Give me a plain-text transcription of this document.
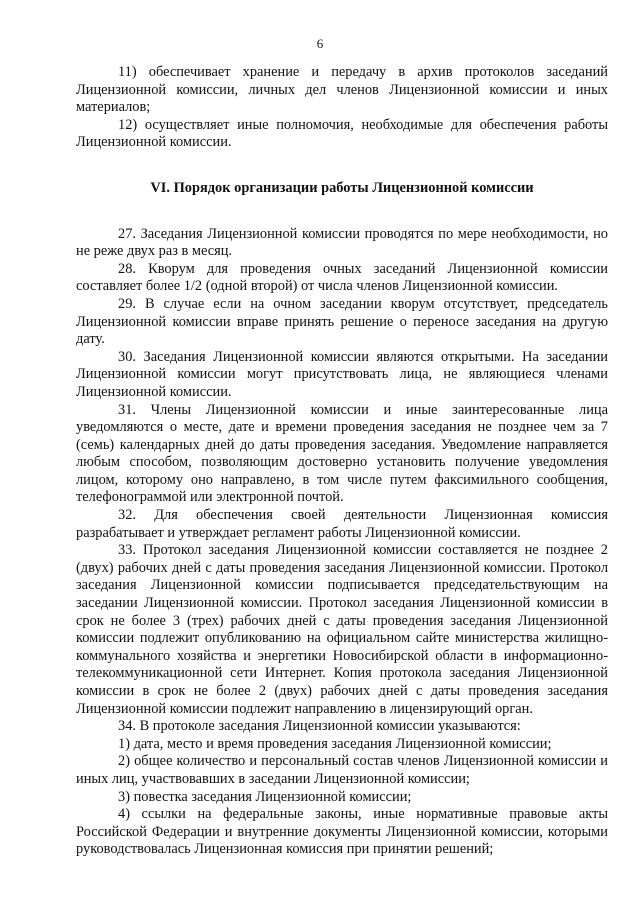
6

11) обеспечивает хранение и передачу в архив протоколов заседаний Лицензионной комиссии, личных дел членов Лицензионной комиссии и иных материалов;

12) осуществляет иные полномочия, необходимые для обеспечения работы Лицензионной комиссии.

VI. Порядок организации работы Лицензионной комиссии

27. Заседания Лицензионной комиссии проводятся по мере необходимости, но не реже двух раз в месяц.

28. Кворум для проведения очных заседаний Лицензионной комиссии составляет более 1/2 (одной второй) от числа членов Лицензионной комиссии.

29. В случае если на очном заседании кворум отсутствует, председатель Лицензионной комиссии вправе принять решение о переносе заседания на другую дату.

30. Заседания Лицензионной комиссии являются открытыми. На заседании Лицензионной комиссии могут присутствовать лица, не являющиеся членами Лицензионной комиссии.

31. Члены Лицензионной комиссии и иные заинтересованные лица уведомляются о месте, дате и времени проведения заседания не позднее чем за 7 (семь) календарных дней до даты проведения заседания. Уведомление направляется любым способом, позволяющим достоверно установить получение уведомления лицом, которому оно направлено, в том числе путем факсимильного сообщения, телефонограммой или электронной почтой.

32. Для обеспечения своей деятельности Лицензионная комиссия разрабатывает и утверждает регламент работы Лицензионной комиссии.

33. Протокол заседания Лицензионной комиссии составляется не позднее 2 (двух) рабочих дней с даты проведения заседания Лицензионной комиссии. Протокол заседания Лицензионной комиссии подписывается председательствующим на заседании Лицензионной комиссии. Протокол заседания Лицензионной комиссии в срок не более 3 (трех) рабочих дней с даты проведения заседания Лицензионной комиссии подлежит опубликованию на официальном сайте министерства жилищно-коммунального хозяйства и энергетики Новосибирской области в информационно-телекоммуникационной сети Интернет. Копия протокола заседания Лицензионной комиссии в срок не более 2 (двух) рабочих дней с даты проведения заседания Лицензионной комиссии подлежит направлению в лицензирующий орган.

34. В протоколе заседания Лицензионной комиссии указываются:

1) дата, место и время проведения заседания Лицензионной комиссии;

2) общее количество и персональный состав членов Лицензионной комиссии и иных лиц, участвовавших в заседании Лицензионной комиссии;

3) повестка заседания Лицензионной комиссии;

4) ссылки на федеральные законы, иные нормативные правовые акты Российской Федерации и внутренние документы Лицензионной комиссии, которыми руководствовалась Лицензионная комиссия при принятии решений;
